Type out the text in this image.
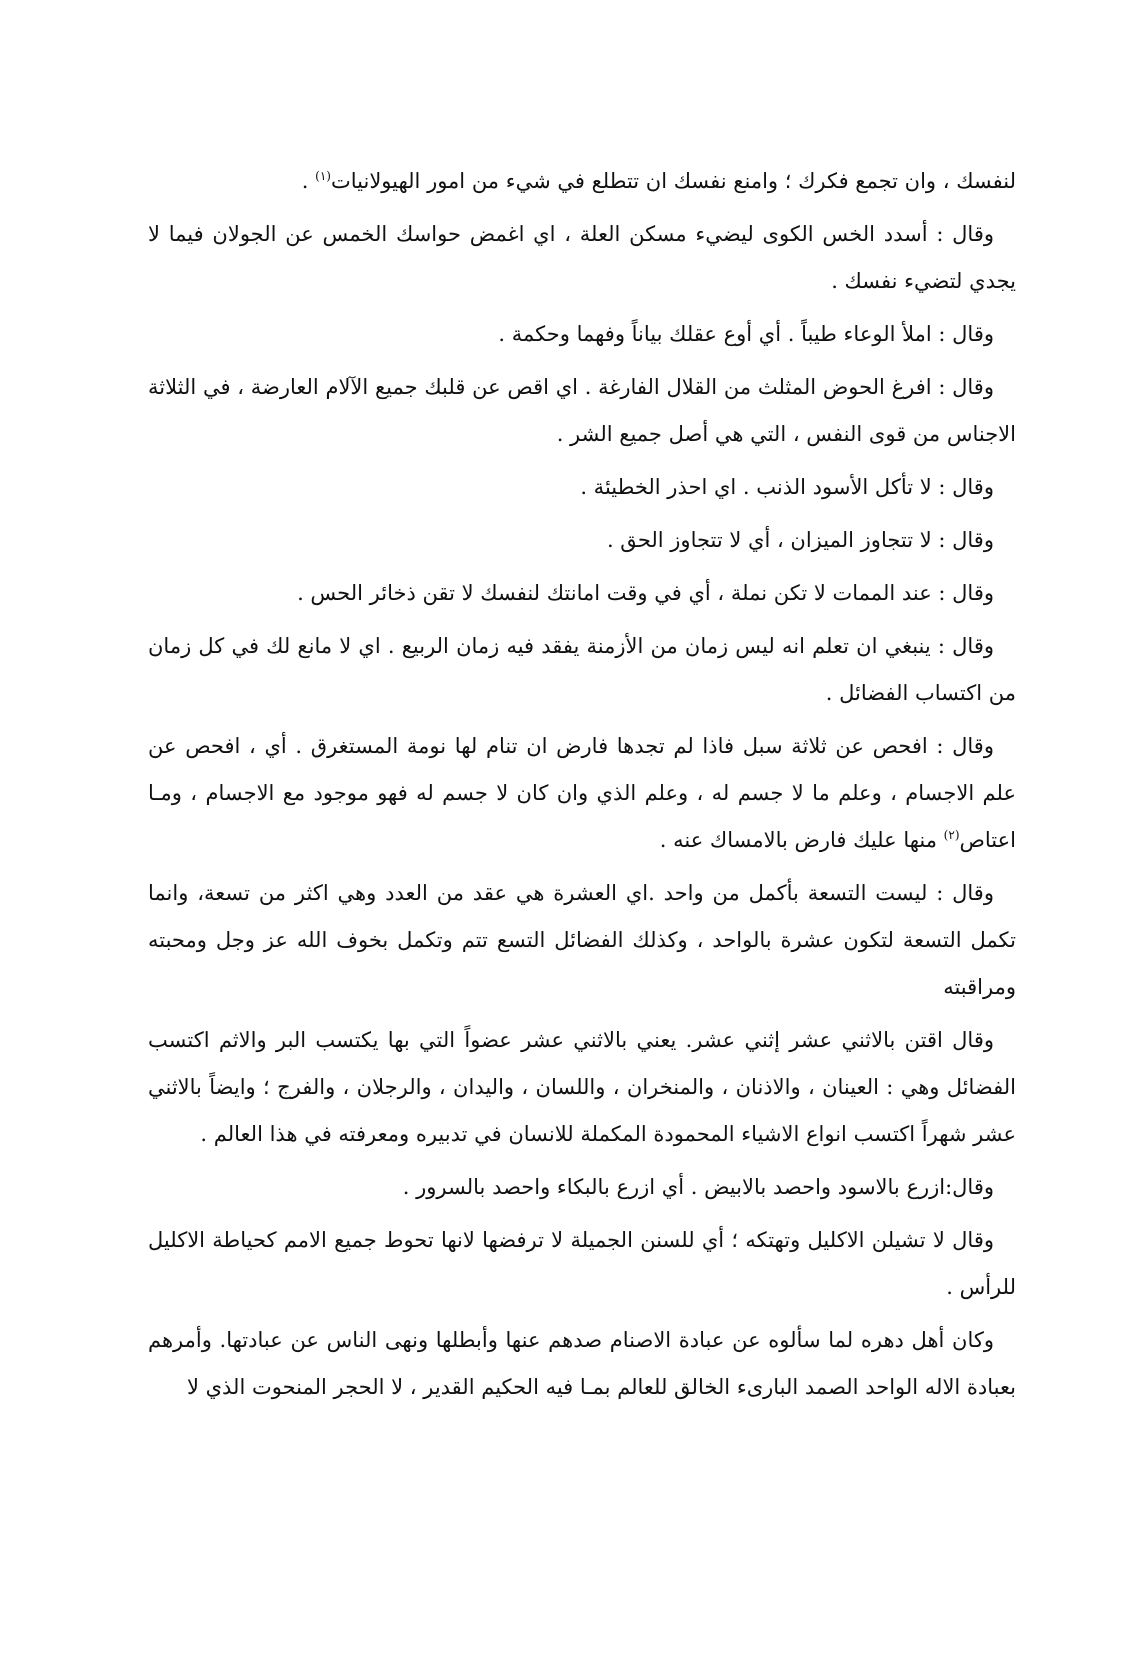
لنفسك ، وان تجمع فكرك ؛ وامنع نفسك ان تتطلع في شيء من امور الهيولانيات$^{(١)}$ .

وقال : أسدد الخس الكوى ليضيء مسكن العلة ، اي اغمض حواسك الخمس عن الجولان فيما لا يجدي لتضيء نفسك .

وقال : املأ الوعاء طيباً . أي أوع عقلك بياناً وفهما وحكمة .

وقال : افرغ الحوض المثلث من القلال الفارغة . اي اقص عن قلبك جميع الآلام العارضة ، في الثلاثة الاجناس من قوى النفس ، التي هي أصل جميع الشر .

وقال : لا تأكل الأسود الذنب . اي احذر الخطيئة .

وقال : لا تتجاوز الميزان ، أي لا تتجاوز الحق .

وقال : عند الممات لا تكن نملة ، أي في وقت امانتك لنفسك لا تقن ذخائر الحس .

وقال : ينبغي ان تعلم انه ليس زمان من الأزمنة يفقد فيه زمان الربيع . اي لا مانع لك في كل زمان من اكتساب الفضائل .

وقال : افحص عن ثلاثة سبل فاذا لم تجدها فارض ان تنام لها نومة المستغرق . أي ، افحص عن علم الاجسام ، وعلم ما لا جسم له ، وعلم الذي وان كان لا جسم له فهو موجود مع الاجسام ، ومـا اعتاص$^{(٢)}$ منها عليك فارض بالامساك عنه .

وقال : ليست التسعة بأكمل من واحد .اي العشرة هي عقد من العدد وهي اكثر من تسعة، وانما تكمل التسعة لتكون عشرة بالواحد ، وكذلك الفضائل التسع تتم وتكمل بخوف الله عز وجل ومحبته ومراقبته

وقال اقتن بالاثني عشر إثني عشر. يعني بالاثني عشر عضواً التي بها يكتسب البر والاثم اكتسب الفضائل وهي : العينان ، والاذنان ، والمنخران ، واللسان ، واليدان ، والرجلان ، والفرج ؛ وايضاً بالاثني عشر شهراً اكتسب انواع الاشياء المحمودة المكملة للانسان في تدبيره ومعرفته في هذا العالم .

وقال:ازرع بالاسود واحصد بالابيض . أي ازرع بالبكاء واحصد بالسرور .

وقال لا تشيلن الاكليل وتهتكه ؛ أي للسنن الجميلة لا ترفضها لانها تحوط جميع الامم كحياطة الاكليل للرأس .

وكان أهل دهره لما سألوه عن عبادة الاصنام صدهم عنها وأبطلها ونهى الناس عن عبادتها. وأمرهم بعبادة الاله الواحد الصمد البارىء الخالق للعالم بمـا فيه الحكيم القدير ، لا الحجر المنحوت الذي لا
